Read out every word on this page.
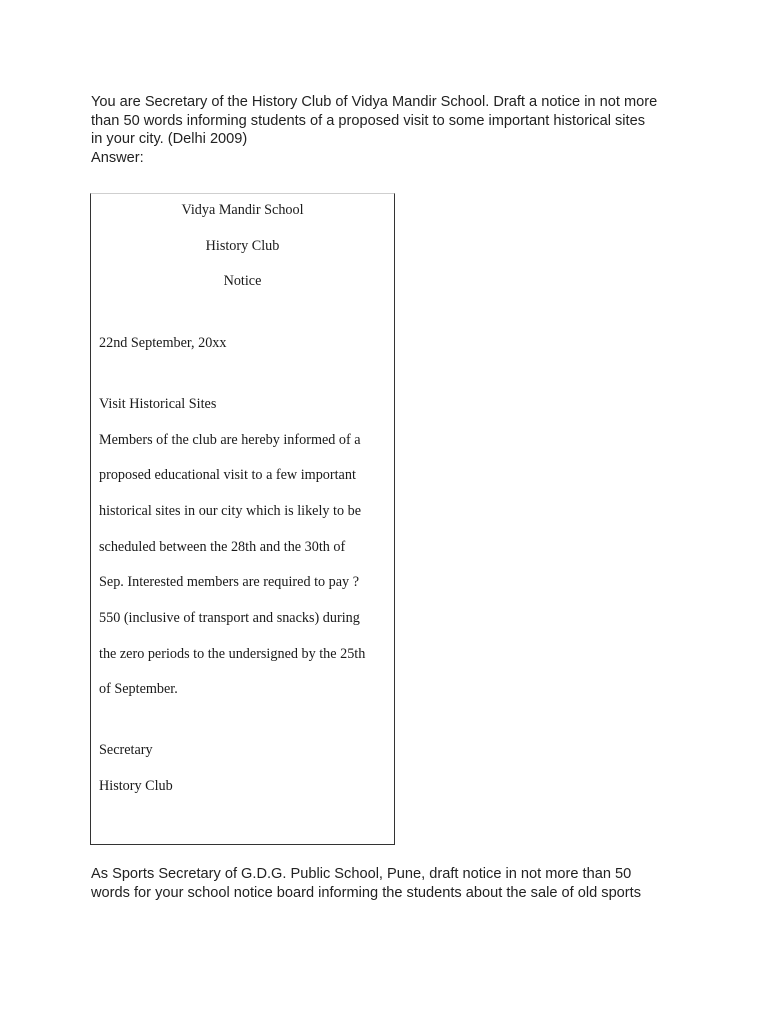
You are Secretary of the History Club of Vidya Mandir School. Draft a notice in not more

than 50 words informing students of a proposed visit to some important historical sites

in your city. (Delhi 2009)

Answer:

Vidya Mandir School
History Club
Notice
22nd September, 20xx
Visit Historical Sites
Members of the club are hereby informed of a
proposed educational visit to a few important
historical sites in our city which is likely to be
scheduled between the 28th and the 30th of
Sep. Interested members are required to pay ?
550 (inclusive of transport and snacks) during
the zero periods to the undersigned by the 25th
of September.
Secretary
History Club

As Sports Secretary of G.D.G. Public School, Pune, draft notice in not more than 50

words for your school notice board informing the students about the sale of old sports
